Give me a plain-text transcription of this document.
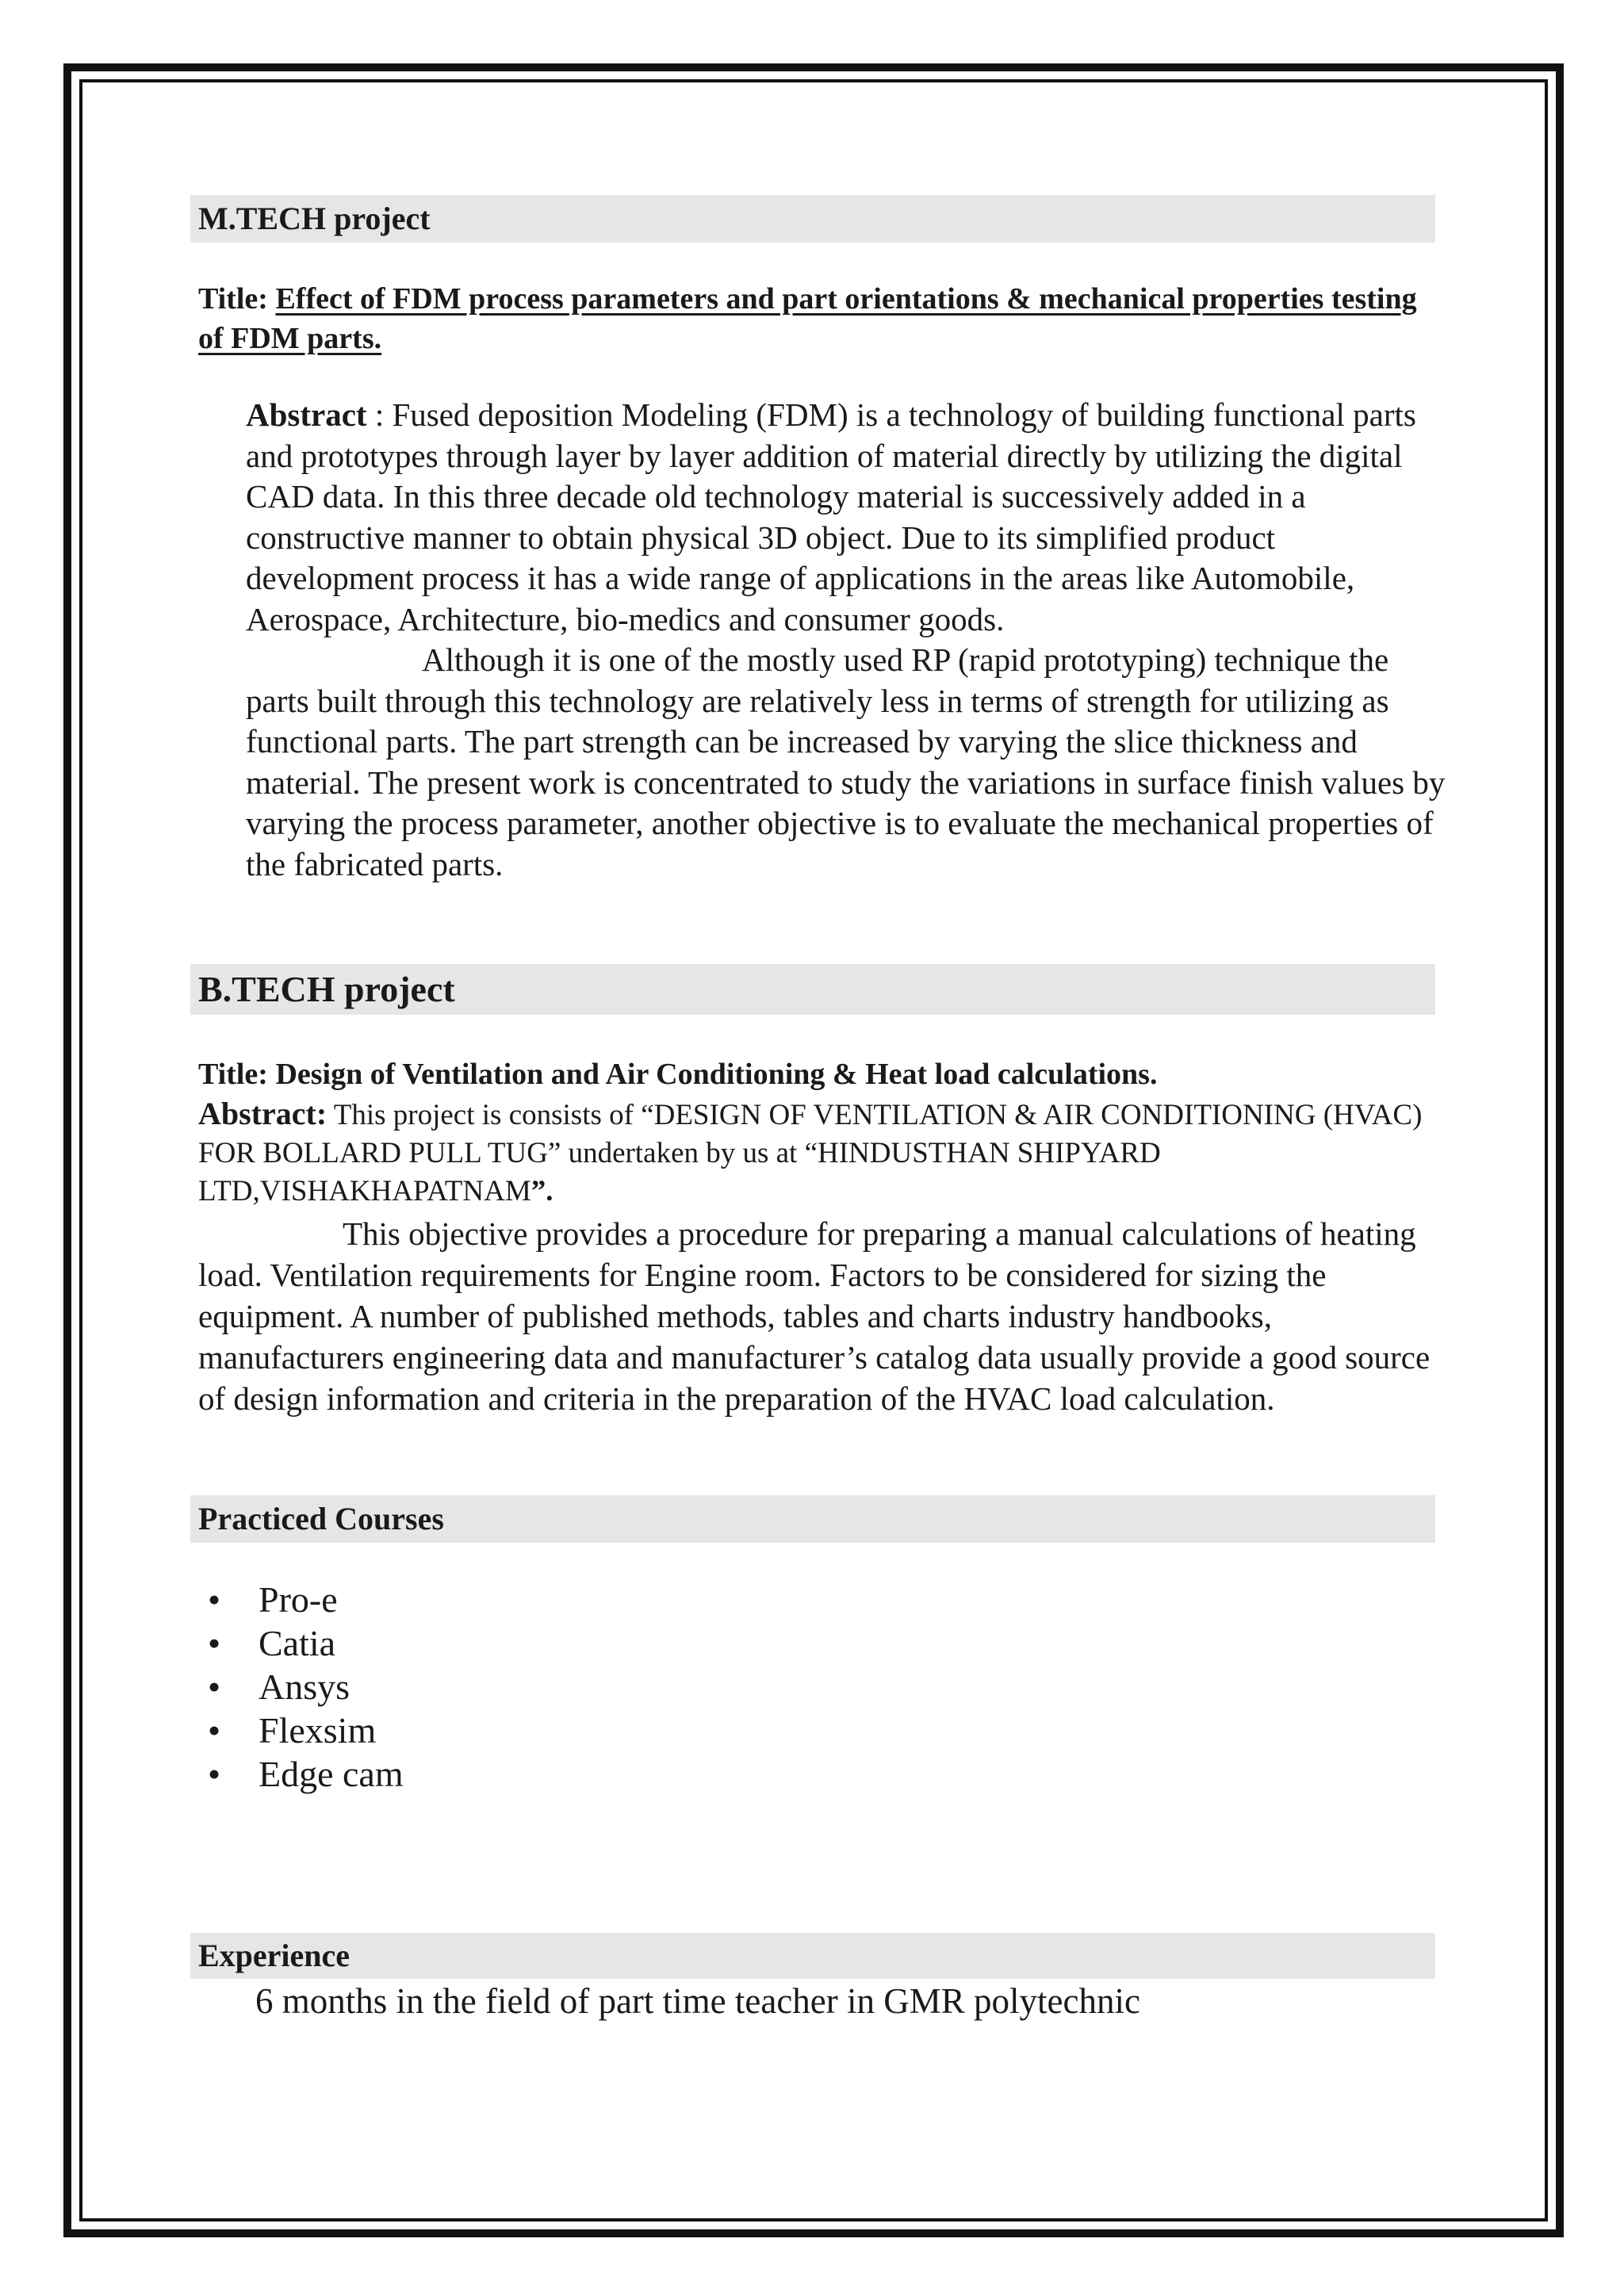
M.TECH project
Title: Effect of FDM process parameters and part orientations & mechanical properties testing of FDM parts.

Abstract : Fused deposition Modeling (FDM) is a technology of building functional parts and prototypes through layer by layer addition of material directly by utilizing the digital CAD data. In this three decade old technology material is successively added in a constructive manner to obtain physical 3D object. Due to its simplified product development process it has a wide range of applications in the areas like Automobile, Aerospace, Architecture, bio-medics and consumer goods.

Although it is one of the mostly used RP (rapid prototyping) technique the parts built through this technology are relatively less in terms of strength for utilizing as functional parts. The part strength can be increased by varying the slice thickness and material. The present work is concentrated to study the variations in surface finish values by varying the process parameter, another objective is to evaluate the mechanical properties of the fabricated parts.

B.TECH project
Title: Design of Ventilation and Air Conditioning & Heat load calculations.
Abstract: This project is consists of “DESIGN OF VENTILATION & AIR CONDITIONING (HVAC) FOR BOLLARD PULL TUG” undertaken by us at “HINDUSTHAN SHIPYARD LTD,VISHAKHAPATNAM”.
This objective provides a procedure for preparing a manual calculations of heating load. Ventilation requirements for Engine room. Factors to be considered for sizing the equipment. A number of published methods, tables and charts industry handbooks, manufacturers engineering data and manufacturer’s catalog data usually provide a good source of design information and criteria in the preparation of the HVAC load calculation.
Practiced Courses
• Pro-e
• Catia
• Ansys
• Flexsim
• Edge cam
Experience
6 months in the field of part time teacher in GMR polytechnic
